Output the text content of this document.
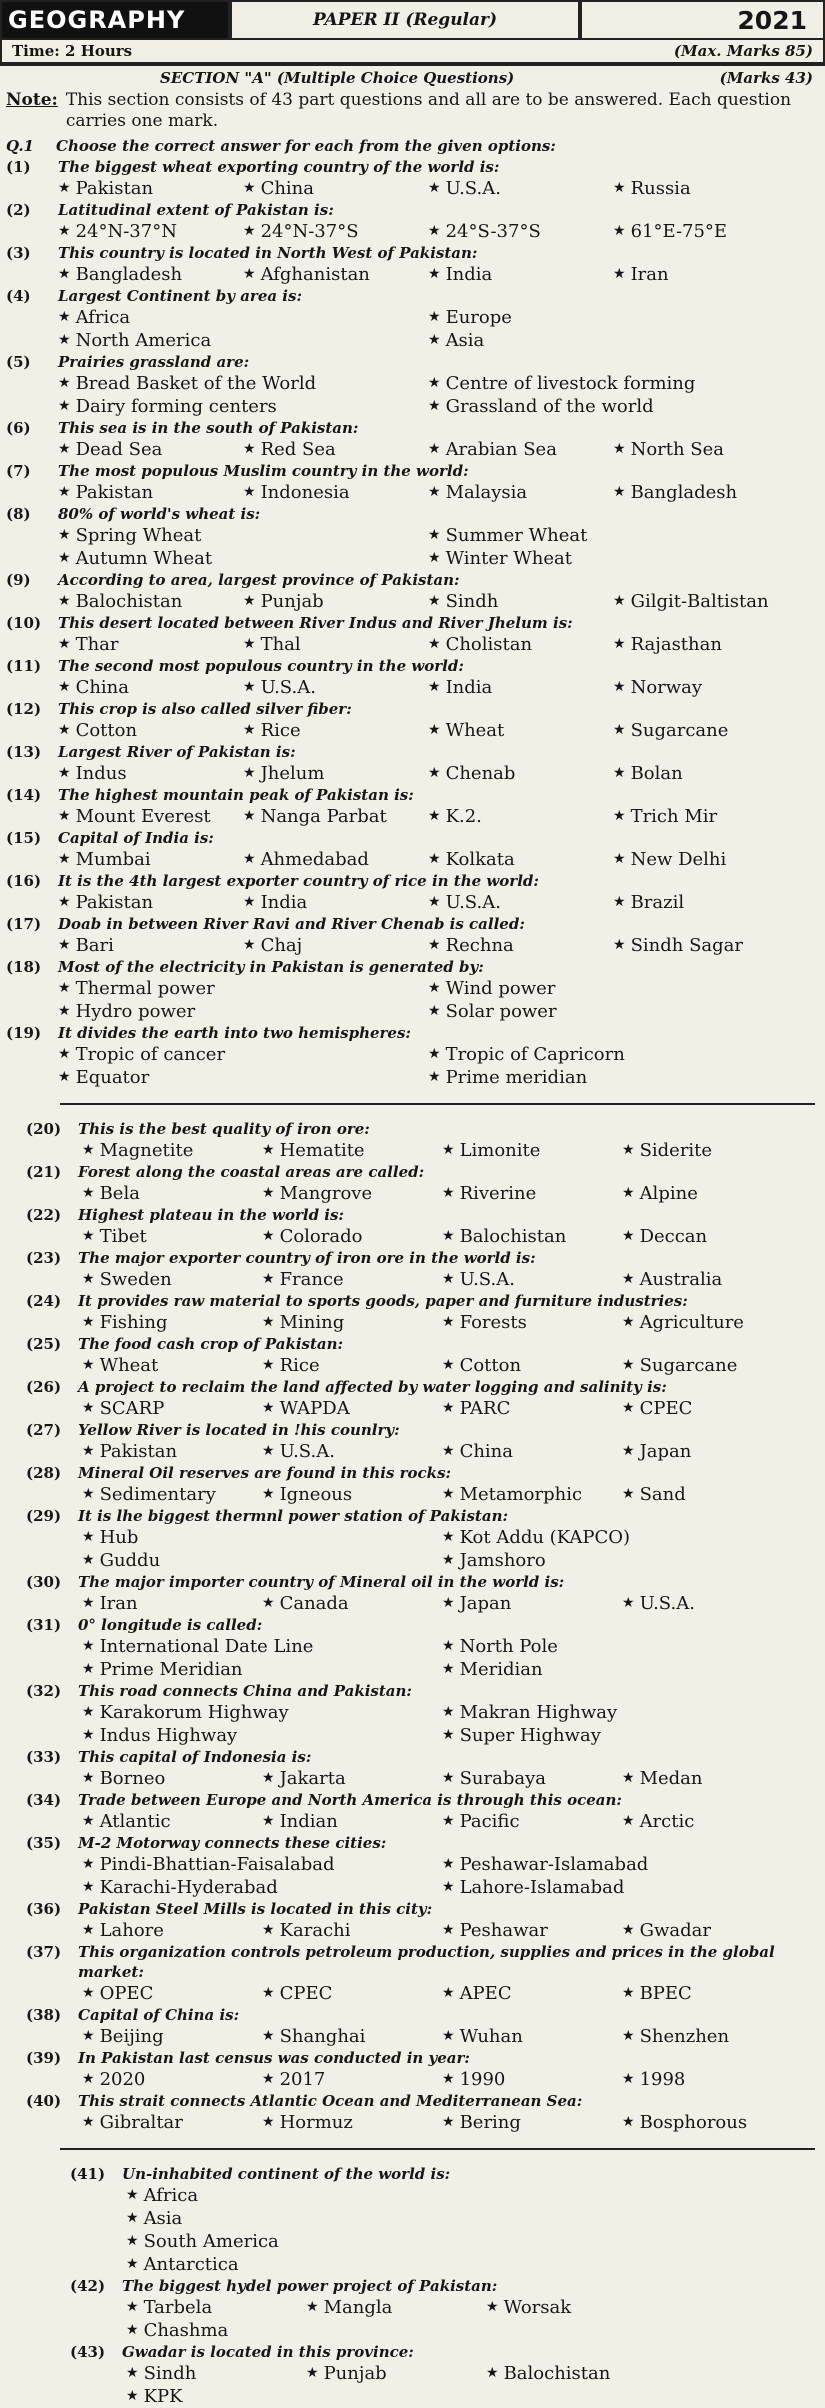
GEOGRAPHY	PAPER II (Regular)	2021
Time: 2 Hours	(Max. Marks 85)
SECTION "A" (Multiple Choice Questions)	(Marks 43)
Note: This section consists of 43 part questions and all are to be answered. Each question carries one mark.
Q.1	Choose the correct answer for each from the given options:
(1)	The biggest wheat exporting country of the world is:
★ Pakistan	★ China	★ U.S.A.	★ Russia
(2)	Latitudinal extent of Pakistan is:
★ 24°N-37°N	★ 24°N-37°S	★ 24°S-37°S	★ 61°E-75°E
(3)	This country is located in North West of Pakistan:
★ Bangladesh	★ Afghanistan	★ India	★ Iran
(4)	Largest Continent by area is:
★ Africa	★ Europe
★ North America	★ Asia
(5)	Prairies grassland are:
★ Bread Basket of the World	★ Centre of livestock forming
★ Dairy forming centers	★ Grassland of the world
(6)	This sea is in the south of Pakistan:
★ Dead Sea	★ Red Sea	★ Arabian Sea	★ North Sea
(7)	The most populous Muslim country in the world:
★ Pakistan	★ Indonesia	★ Malaysia	★ Bangladesh
(8)	80% of world's wheat is:
★ Spring Wheat	★ Summer Wheat
★ Autumn Wheat	★ Winter Wheat
(9)	According to area, largest province of Pakistan:
★ Balochistan	★ Punjab	★ Sindh	★ Gilgit-Baltistan
(10)	This desert located between River Indus and River Jhelum is:
★ Thar	★ Thal	★ Cholistan	★ Rajasthan
(11)	The second most populous country in the world:
★ China	★ U.S.A.	★ India	★ Norway
(12)	This crop is also called silver fiber:
★ Cotton	★ Rice	★ Wheat	★ Sugarcane
(13)	Largest River of Pakistan is:
★ Indus	★ Jhelum	★ Chenab	★ Bolan
(14)	The highest mountain peak of Pakistan is:
★ Mount Everest	★ Nanga Parbat	★ K.2.	★ Trich Mir
(15)	Capital of India is:
★ Mumbai	★ Ahmedabad	★ Kolkata	★ New Delhi
(16)	It is the 4th largest exporter country of rice in the world:
★ Pakistan	★ India	★ U.S.A.	★ Brazil
(17)	Doab in between River Ravi and River Chenab is called:
★ Bari	★ Chaj	★ Rechna	★ Sindh Sagar
(18)	Most of the electricity in Pakistan is generated by:
★ Thermal power	★ Wind power
★ Hydro power	★ Solar power
(19)	It divides the earth into two hemispheres:
★ Tropic of cancer	★ Tropic of Capricorn
★ Equator	★ Prime meridian
(20)	This is the best quality of iron ore:
★ Magnetite	★ Hematite	★ Limonite	★ Siderite
(21)	Forest along the coastal areas are called:
★ Bela	★ Mangrove	★ Riverine	★ Alpine
(22)	Highest plateau in the world is:
★ Tibet	★ Colorado	★ Balochistan	★ Deccan
(23)	The major exporter country of iron ore in the world is:
★ Sweden	★ France	★ U.S.A.	★ Australia
(24)	It provides raw material to sports goods, paper and furniture industries:
★ Fishing	★ Mining	★ Forests	★ Agriculture
(25)	The food cash crop of Pakistan:
★ Wheat	★ Rice	★ Cotton	★ Sugarcane
(26)	A project to reclaim the land affected by water logging and salinity is:
★ SCARP	★ WAPDA	★ PARC	★ CPEC
(27)	Yellow River is located in !his counlry:
★ Pakistan	★ U.S.A.	★ China	★ Japan
(28)	Mineral Oil reserves are found in this rocks:
★ Sedimentary	★ Igneous	★ Metamorphic	★ Sand
(29)	It is lhe biggest thermnl power station of Pakistan:
★ Hub	★ Kot Addu (KAPCO)
★ Guddu	★ Jamshoro
(30)	The major importer country of Mineral oil in the world is:
★ Iran	★ Canada	★ Japan	★ U.S.A.
(31)	0° longitude is called:
★ International Date Line	★ North Pole
★ Prime Meridian	★ Meridian
(32)	This road connects China and Pakistan:
★ Karakorum Highway	★ Makran Highway
★ Indus Highway	★ Super Highway
(33)	This capital of Indonesia is:
★ Borneo	★ Jakarta	★ Surabaya	★ Medan
(34)	Trade between Europe and North America is through this ocean:
★ Atlantic	★ Indian	★ Pacific	★ Arctic
(35)	M-2 Motorway connects these cities:
★ Pindi-Bhattian-Faisalabad	★ Peshawar-Islamabad
★ Karachi-Hyderabad	★ Lahore-Islamabad
(36)	Pakistan Steel Mills is located in this city:
★ Lahore	★ Karachi	★ Peshawar	★ Gwadar
(37)	This organization controls petroleum production, supplies and prices in the global market:
★ OPEC	★ CPEC	★ APEC	★ BPEC
(38)	Capital of China is:
★ Beijing	★ Shanghai	★ Wuhan	★ Shenzhen
(39)	In Pakistan last census was conducted in year:
★ 2020	★ 2017	★ 1990	★ 1998
(40)	This strait connects Atlantic Ocean and Mediterranean Sea:
★ Gibraltar	★ Hormuz	★ Bering	★ Bosphorous
(41)	Un-inhabited continent of the world is:
★ Africa
★ Asia
★ South America
★ Antarctica
(42)	The biggest hydel power project of Pakistan:
★ Tarbela	★ Mangla	★ Worsak
★ Chashma
(43)	Gwadar is located in this province:
★ Sindh	★ Punjab	★ Balochistan
★ KPK
